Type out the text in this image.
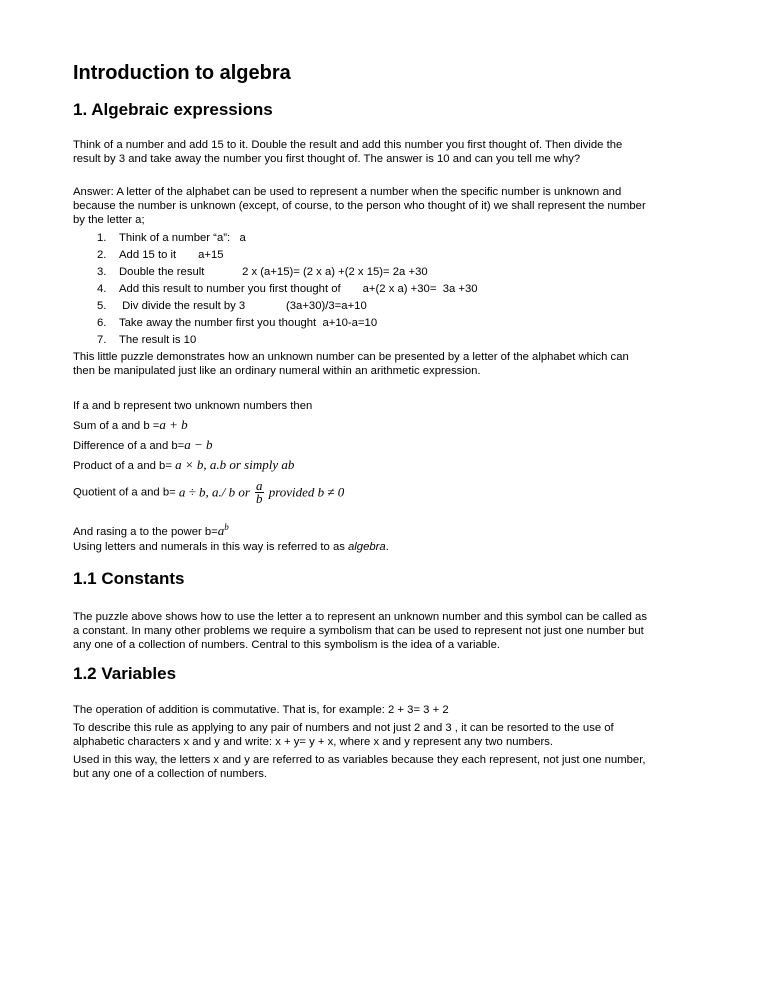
Introduction to algebra
1. Algebraic expressions
Think of a number and add 15 to it. Double the result and add this number you first thought of. Then divide the
result by 3 and take away the number you first thought of. The answer is 10 and can you tell me why?
Answer: A letter of the alphabet can be used to represent a number when the specific number is unknown and
because the number is unknown (except, of course, to the person who thought of it) we shall represent the number
by the letter a;
1. Think of a number “a”:   a
2. Add 15 to it       a+15
3. Double the result            2 x (a+15)= (2 x a) +(2 x 15)= 2a +30
4. Add this result to number you first thought of       a+(2 x a) +30=  3a +30
5. Div divide the result by 3             (3a+30)/3=a+10
6. Take away the number first you thought  a+10-a=10
7. The result is 10
This little puzzle demonstrates how an unknown number can be presented by a letter of the alphabet which can
then be manipulated just like an ordinary numeral within an arithmetic expression.
If a and b represent two unknown numbers then
Sum of a and b =a + b
Difference of a and b=a − b
Product of a and b= a × b, a.b or simply ab
Quotient of a and b= a ÷ b, a./ b or $\frac{a}{b}$ provided b ≠ 0
And rasing a to the power $b=a^b$
Using letters and numerals in this way is referred to as algebra.
1.1 Constants
The puzzle above shows how to use the letter a to represent an unknown number and this symbol can be called as
a constant. In many other problems we require a symbolism that can be used to represent not just one number but
any one of a collection of numbers. Central to this symbolism is the idea of a variable.
1.2 Variables
The operation of addition is commutative. That is, for example: 2 + 3= 3 + 2
To describe this rule as applying to any pair of numbers and not just 2 and 3 , it can be resorted to the use of
alphabetic characters x and y and write: x + y= y + x, where x and y represent any two numbers.
Used in this way, the letters x and y are referred to as variables because they each represent, not just one number,
but any one of a collection of numbers.
